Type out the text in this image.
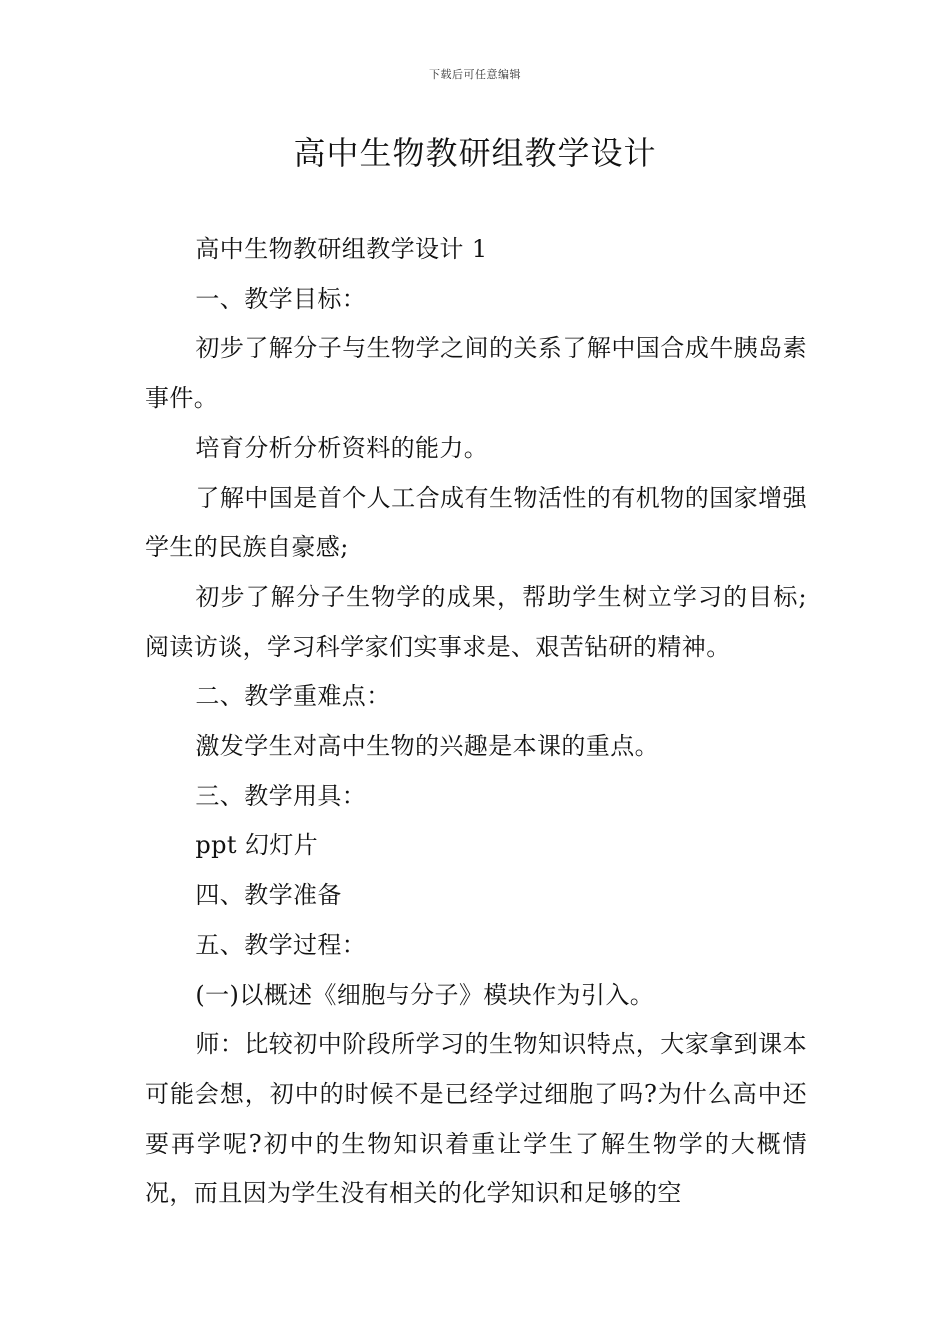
下载后可任意编辑
高中生物教研组教学设计

高中生物教研组教学设计 1

一、教学目标：

初步了解分子与生物学之间的关系了解中国合成牛胰岛素事件。

培育分析分析资料的能力。

了解中国是首个人工合成有生物活性的有机物的国家增强学生的民族自豪感;

初步了解分子生物学的成果，帮助学生树立学习的目标;阅读访谈，学习科学家们实事求是、艰苦钻研的精神。

二、教学重难点：

激发学生对高中生物的兴趣是本课的重点。

三、教学用具：

ppt 幻灯片

四、教学准备

五、教学过程：

(一)以概述《细胞与分子》模块作为引入。

师：比较初中阶段所学习的生物知识特点，大家拿到课本可能会想，初中的时候不是已经学过细胞了吗?为什么高中还要再学呢?初中的生物知识着重让学生了解生物学的大概情况，而且因为学生没有相关的化学知识和足够的空
